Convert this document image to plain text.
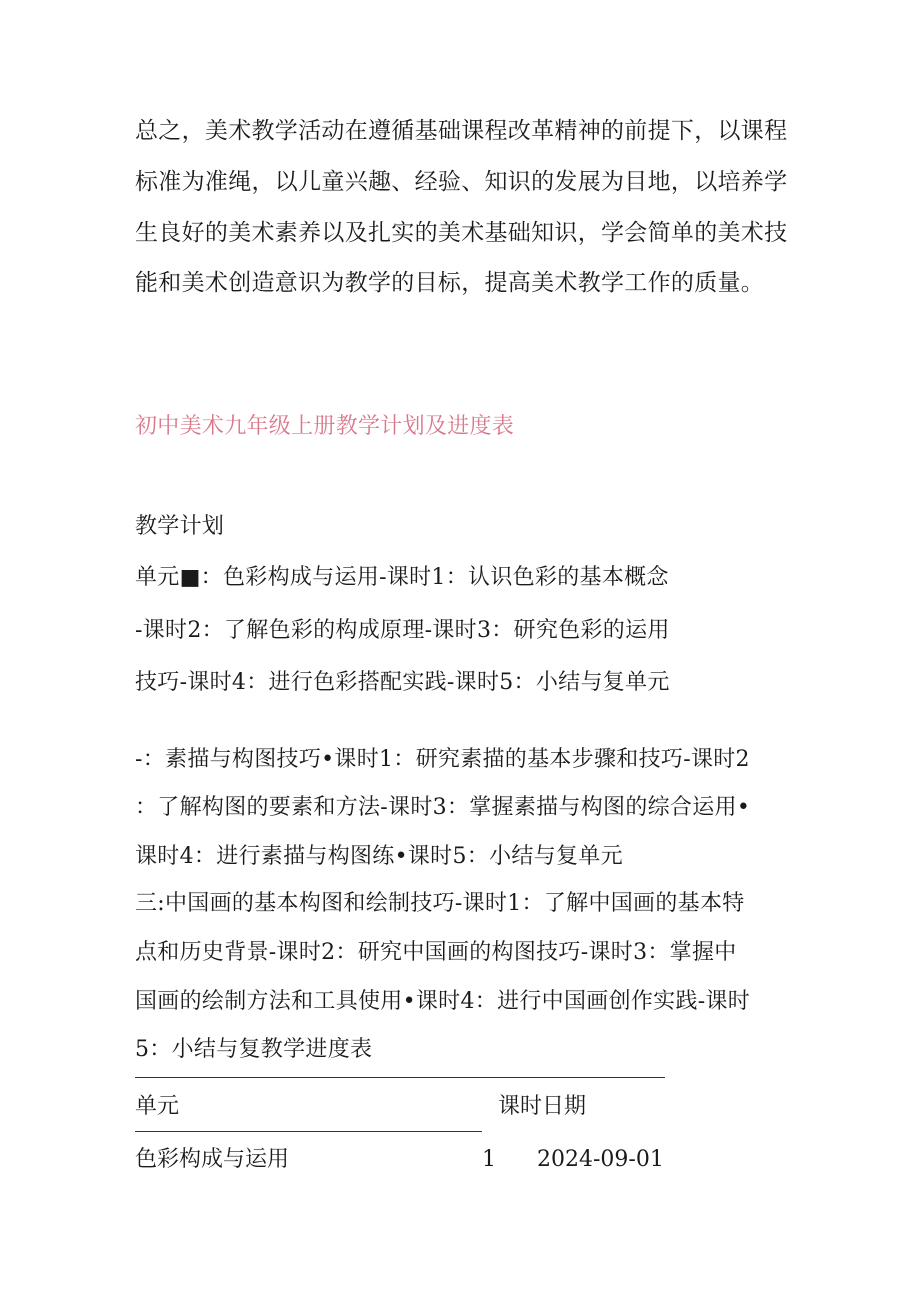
总之，美术教学活动在遵循基础课程改革精神的前提下，以课程
标准为准绳，以儿童兴趣、经验、知识的发展为目地，以培养学
生良好的美术素养以及扎实的美术基础知识，学会简单的美术技
能和美术创造意识为教学的目标，提高美术教学工作的质量。
初中美术九年级上册教学计划及进度表
教学计划
单元■：色彩构成与运用-课时1：认识色彩的基本概念
-课时2：了解色彩的构成原理-课时3：研究色彩的运用
技巧-课时4：进行色彩搭配实践-课时5：小结与复单元
-：素描与构图技巧•课时1：研究素描的基本步骤和技巧-课时2
：了解构图的要素和方法-课时3：掌握素描与构图的综合运用•
课时4：进行素描与构图练•课时5：小结与复单元
三:中国画的基本构图和绘制技巧-课时1：了解中国画的基本特
点和历史背景-课时2：研究中国画的构图技巧-课时3：掌握中
国画的绘制方法和工具使用•课时4：进行中国画创作实践-课时
5：小结与复教学进度表
单元	课时日期
色彩构成与运用	1 2024-09-01
